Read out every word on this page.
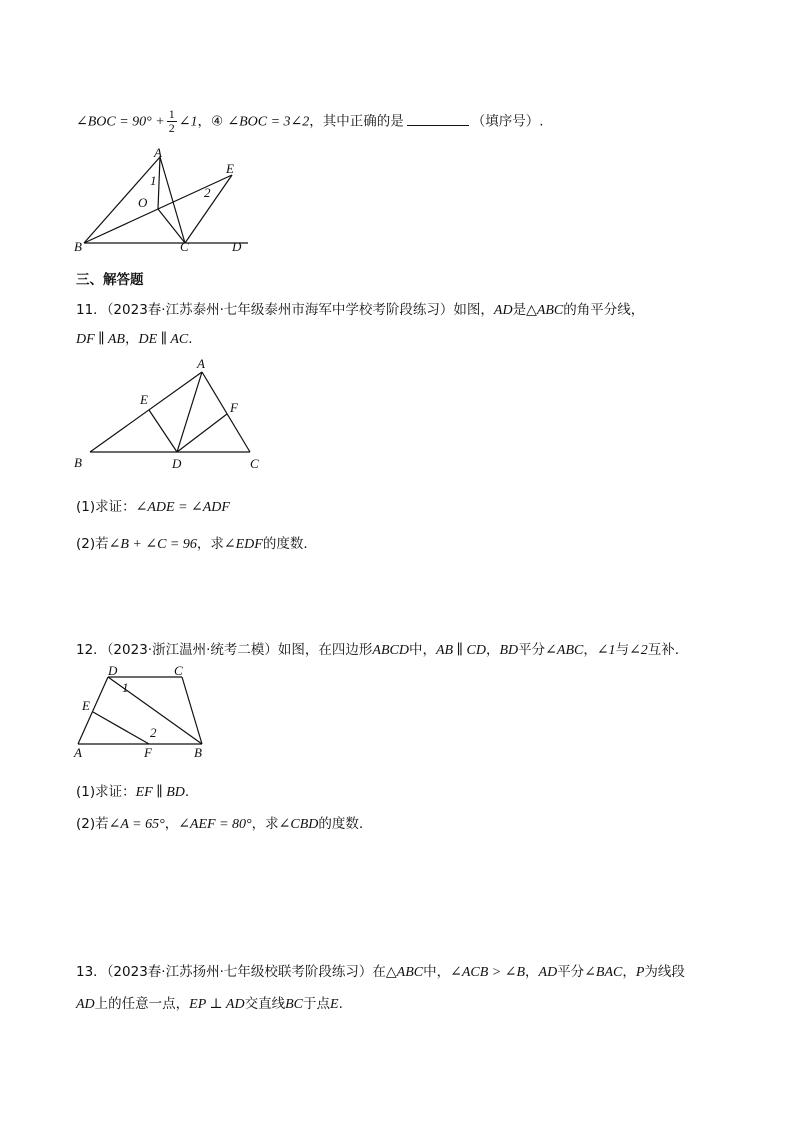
∠BOC = $90^\circ + \frac{1}{2}$ ∠1，④ ∠BOC = 3∠2，其中正确的是	（填序号）.
A
E
1
2
O
B	C	D
三、解答题
11．（2023春·江苏泰州·七年级泰州市海军中学校考阶段练习）如图，AD是△ABC的角平分线，
DF ∥ AB，DE ∥ AC.
A
E
F
B	D	C
(1)求证：∠ADE = ∠ADF
(2)若∠B + ∠C = 96，求∠EDF的度数.
12．（2023·浙江温州·统考二模）如图，在四边形ABCD中，AB ∥ CD，BD平分∠ABC，∠1与∠2互补.
D	C
1
E
2
A	F	B
(1)求证：EF ∥ BD.
(2)若∠A = 65°，∠AEF = 80°，求∠CBD的度数.
13．（2023春·江苏扬州·七年级校联考阶段练习）在△ABC中，∠ACB > ∠B，AD平分∠BAC，P为线段
AD上的任意一点，EP ⊥ AD交直线BC于点E.
